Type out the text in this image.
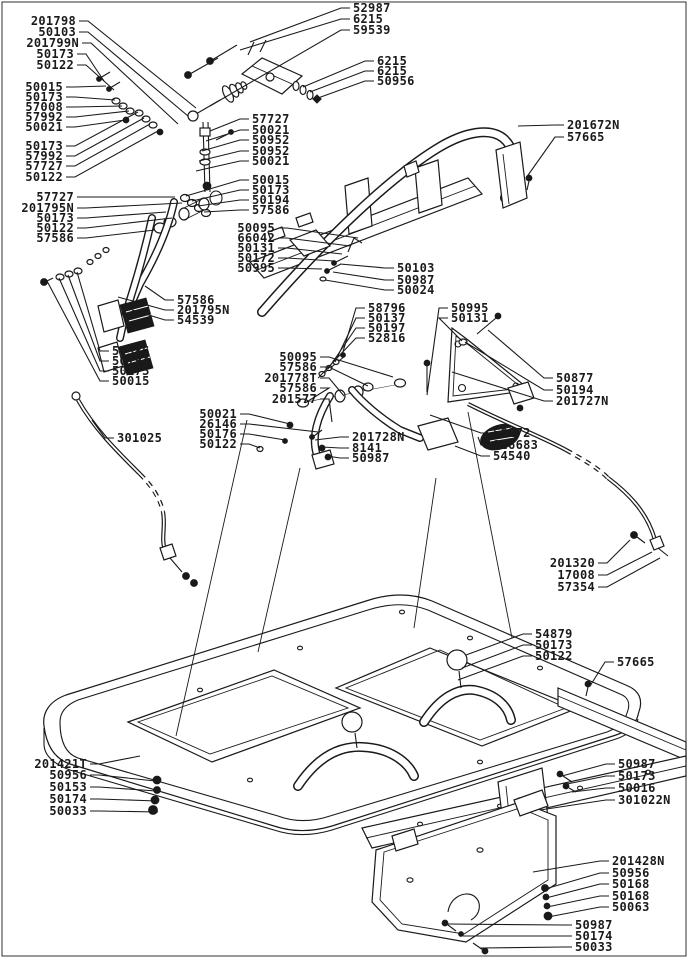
201798
50103
201799N
50173
50122
50015
50173
57008
57992
50021
50173
57992
57727
50122
52987
6215
59539
6215
6215
50956
57727
50021
50952
50952
50021
50015
50173
50194
57586
57727
201795N
50173
50122
57586
50095
66042
50131
50172
50995	50103
50987
50024
201672N
57665
57586
201795N
54539
57586
50194
50173
50015
58796
50137
50197
52816
50995
50131
50095
57586
201778T
57586
201577
50021
26146
50176
50122	201728N
8141
50987
50877
50194
201727N
50172
126683
54540
301025
201320
17008
57354
54879
50173
50122	57665
201421T
50956
50153
50174
50033
50987
50173
50016
301022N
201428N
50956
50168
50168
50063
50987
50174
50033
